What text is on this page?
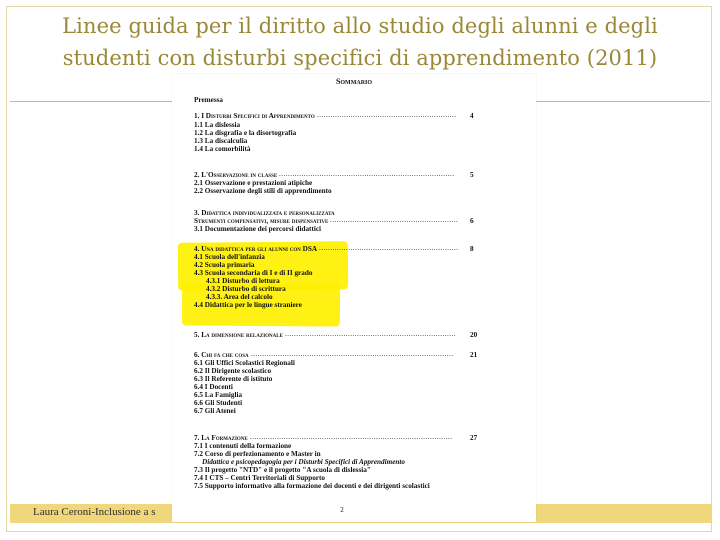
Linee guida per il diritto allo studio degli alunni e degli
studenti con disturbi specifici di apprendimento (2011)
Sommario
Premessa
1. I Disturbi Specifici di Apprendimento ..............................................................	4
1.1 La dislessia
1.2 La disgrafia e la disortografia
1.3 La discalculia
1.4 La comorbilità
2. L'Osservazione in classe ..............................................................................	5
2.1 Osservazione e prestazioni atipiche
2.2 Osservazione degli stili di apprendimento
3. Didattica individualizzata e personalizzata
Strumenti compensativi, misure dispensative .........................................................	6
3.1 Documentazione dei percorsi didattici
4. Una didattica per gli alunni con DSA ..............................................................	8
4.1 Scuola dell'infanzia
4.2 Scuola primaria
4.3 Scuola secondaria di I e di II grado
4.3.1 Disturbo di lettura
4.3.2 Disturbo di scrittura
4.3.3. Area del calcolo
4.4 Didattica per le lingue straniere
5. La dimensione relazionale ............................................................................	20
6. Chi fa che cosa ..........................................................................................	21
6.1 Gli Uffici Scolastici Regionali
6.2 Il Dirigente scolastico
6.3 Il Referente di istituto
6.4 I Docenti
6.5 La Famiglia
6.6 Gli Studenti
6.7 Gli Atenei
7. La Formazione ..........................................................................................	27
7.1 I contenuti della formazione
7.2 Corso di perfezionamento e Master in
Didattica e psicopedagogia per i Disturbi Specifici di Apprendimento
7.3 Il progetto "NTD" e il progetto "A scuola di dislessia"
7.4 I CTS – Centri Territoriali di Supporto
7.5 Supporto informativo alla formazione dei docenti e dei dirigenti scolastici
2
Laura Ceroni-Inclusione a s
